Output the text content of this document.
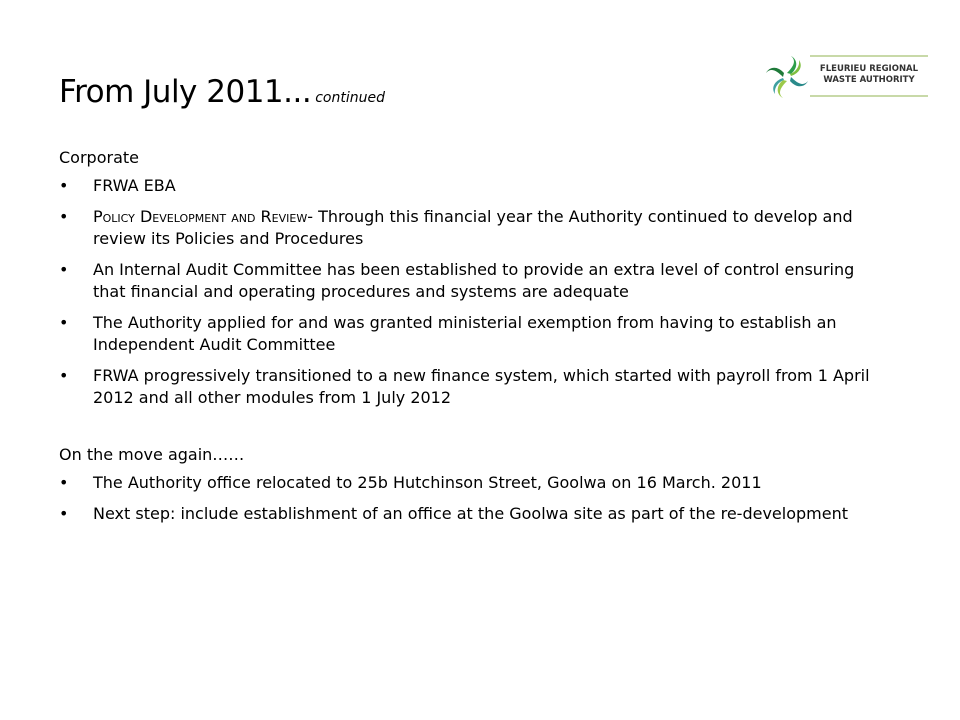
From July 2011... continued
FLEURIEU REGIONAL
WASTE AUTHORITY
Corporate
• FRWA EBA
• Policy Development and Review- Through this financial year the Authority continued to develop and review its Policies and Procedures
• An Internal Audit Committee has been established to provide an extra level of control ensuring that financial and operating procedures and systems are adequate
• The Authority applied for and was granted ministerial exemption from having to establish an Independent Audit Committee
• FRWA progressively transitioned to a new finance system, which started with payroll from 1 April 2012 and all other modules from 1 July 2012
On the move again……
• The Authority office relocated to 25b Hutchinson Street, Goolwa on 16 March. 2011
• Next step: include establishment of an office at the Goolwa site as part of the re-development
